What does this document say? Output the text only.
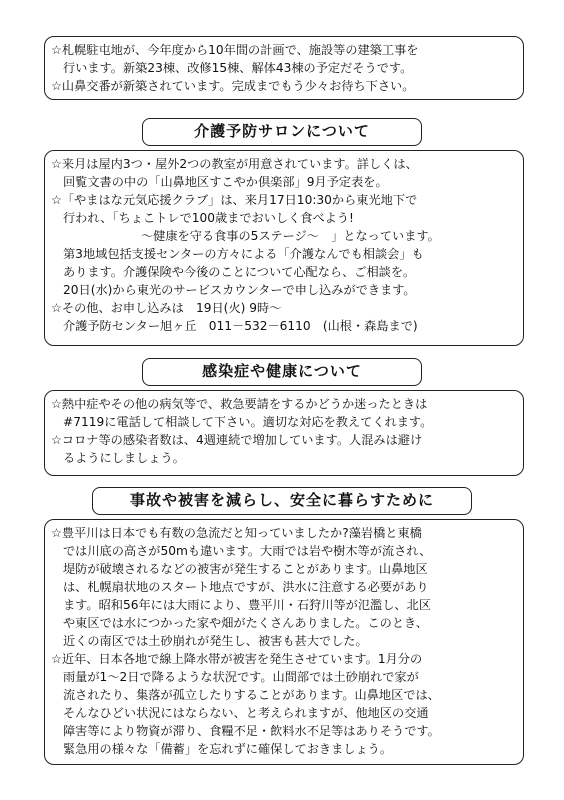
☆札幌駐屯地が、今年度から10年間の計画で、施設等の建築工事を
行います。新築23棟、改修15棟、解体43棟の予定だそうです。
☆山鼻交番が新築されています。完成までもう少々お待ち下さい。
介護予防サロンについて
☆来月は屋内3つ・屋外2つの教室が用意されています。詳しくは、
回覧文書の中の「山鼻地区すこやか倶楽部」9月予定表を。
☆「やまはな元気応援クラブ」は、来月17日10:30から東光地下で
行われ、「ちょこトレで100歳までおいしく食べよう!
～健康を守る食事の5ステージ～　」となっています。
第3地域包括支援センターの方々による「介護なんでも相談会」も
あります。介護保険や今後のことについて心配なら、ご相談を。
20日(水)から東光のサービスカウンターで申し込みができます。
☆その他、お申し込みは　19日(火) 9時～
介護予防センター旭ヶ丘　011－532－6110　(山根・森島まで)
感染症や健康について
☆熱中症やその他の病気等で、救急要請をするかどうか迷ったときは
#7119に電話して相談して下さい。適切な対応を教えてくれます。
☆コロナ等の感染者数は、4週連続で増加しています。人混みは避け
るようにしましょう。
事故や被害を減らし、安全に暮らすために
☆豊平川は日本でも有数の急流だと知っていましたか?藻岩橋と東橋
では川底の高さが50mも違います。大雨では岩や樹木等が流され、
堤防が破壊されるなどの被害が発生することがあります。山鼻地区
は、札幌扇状地のスタート地点ですが、洪水に注意する必要があり
ます。昭和56年には大雨により、豊平川・石狩川等が氾濫し、北区
や東区では水につかった家や畑がたくさんありました。このとき、
近くの南区では土砂崩れが発生し、被害も甚大でした。
☆近年、日本各地で線上降水帯が被害を発生させています。1月分の
雨量が1～2日で降るような状況です。山間部では土砂崩れで家が
流されたり、集落が孤立したりすることがあります。山鼻地区では、
そんなひどい状況にはならない、と考えられますが、他地区の交通
障害等により物資が滞り、食糧不足・飲料水不足等はありそうです。
緊急用の様々な「備蓄」を忘れずに確保しておきましょう。
